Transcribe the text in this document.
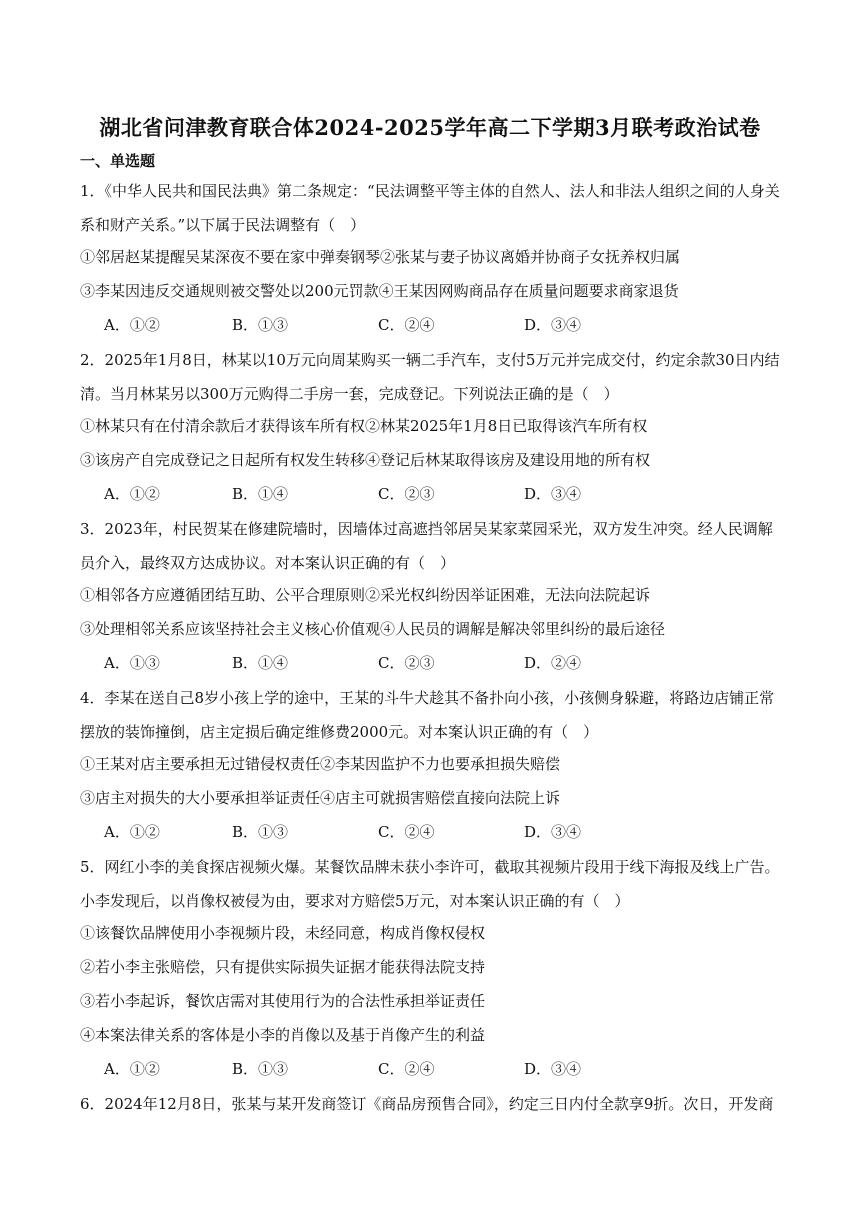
湖北省问津教育联合体2024-2025学年高二下学期3月联考政治试卷
一、单选题

1．《中华人民共和国民法典》第二条规定：“民法调整平等主体的自然人、法人和非法人组织之间的人身关系和财产关系。”以下属于民法调整有（　）

①邻居赵某提醒吴某深夜不要在家中弹奏钢琴②张某与妻子协议离婚并协商子女抚养权归属
③李某因违反交通规则被交警处以200元罚款④王某因网购商品存在质量问题要求商家退货
A．①②	B．①③	C．②④	D．③④

2．2025年1月8日，林某以10万元向周某购买一辆二手汽车，支付5万元并完成交付，约定余款30日内结清。当月林某另以300万元购得二手房一套，完成登记。下列说法正确的是（　）

①林某只有在付清余款后才获得该车所有权②林某2025年1月8日已取得该汽车所有权
③该房产自完成登记之日起所有权发生转移④登记后林某取得该房及建设用地的所有权
A．①②	B．①④	C．②③	D．③④

3．2023年，村民贺某在修建院墙时，因墙体过高遮挡邻居吴某家菜园采光，双方发生冲突。经人民调解员介入，最终双方达成协议。对本案认识正确的有（　）

①相邻各方应遵循团结互助、公平合理原则②采光权纠纷因举证困难，无法向法院起诉
③处理相邻关系应该坚持社会主义核心价值观④人民员的调解是解决邻里纠纷的最后途径
A．①③	B．①④	C．②③	D．②④

4．李某在送自己8岁小孩上学的途中，王某的斗牛犬趁其不备扑向小孩，小孩侧身躲避，将路边店铺正常摆放的装饰撞倒，店主定损后确定维修费2000元。对本案认识正确的有（　）

①王某对店主要承担无过错侵权责任②李某因监护不力也要承担损失赔偿
③店主对损失的大小要承担举证责任④店主可就损害赔偿直接向法院上诉
A．①②	B．①③	C．②④	D．③④

5．网红小李的美食探店视频火爆。某餐饮品牌未获小李许可，截取其视频片段用于线下海报及线上广告。小李发现后，以肖像权被侵为由，要求对方赔偿5万元，对本案认识正确的有（　）

①该餐饮品牌使用小李视频片段，未经同意，构成肖像权侵权
②若小李主张赔偿，只有提供实际损失证据才能获得法院支持
③若小李起诉，餐饮店需对其使用行为的合法性承担举证责任
④本案法律关系的客体是小李的肖像以及基于肖像产生的利益
A．①②	B．①③	C．②④	D．③④

6．2024年12月8日，张某与某开发商签订《商品房预售合同》，约定三日内付全款享9折。次日，开发商
